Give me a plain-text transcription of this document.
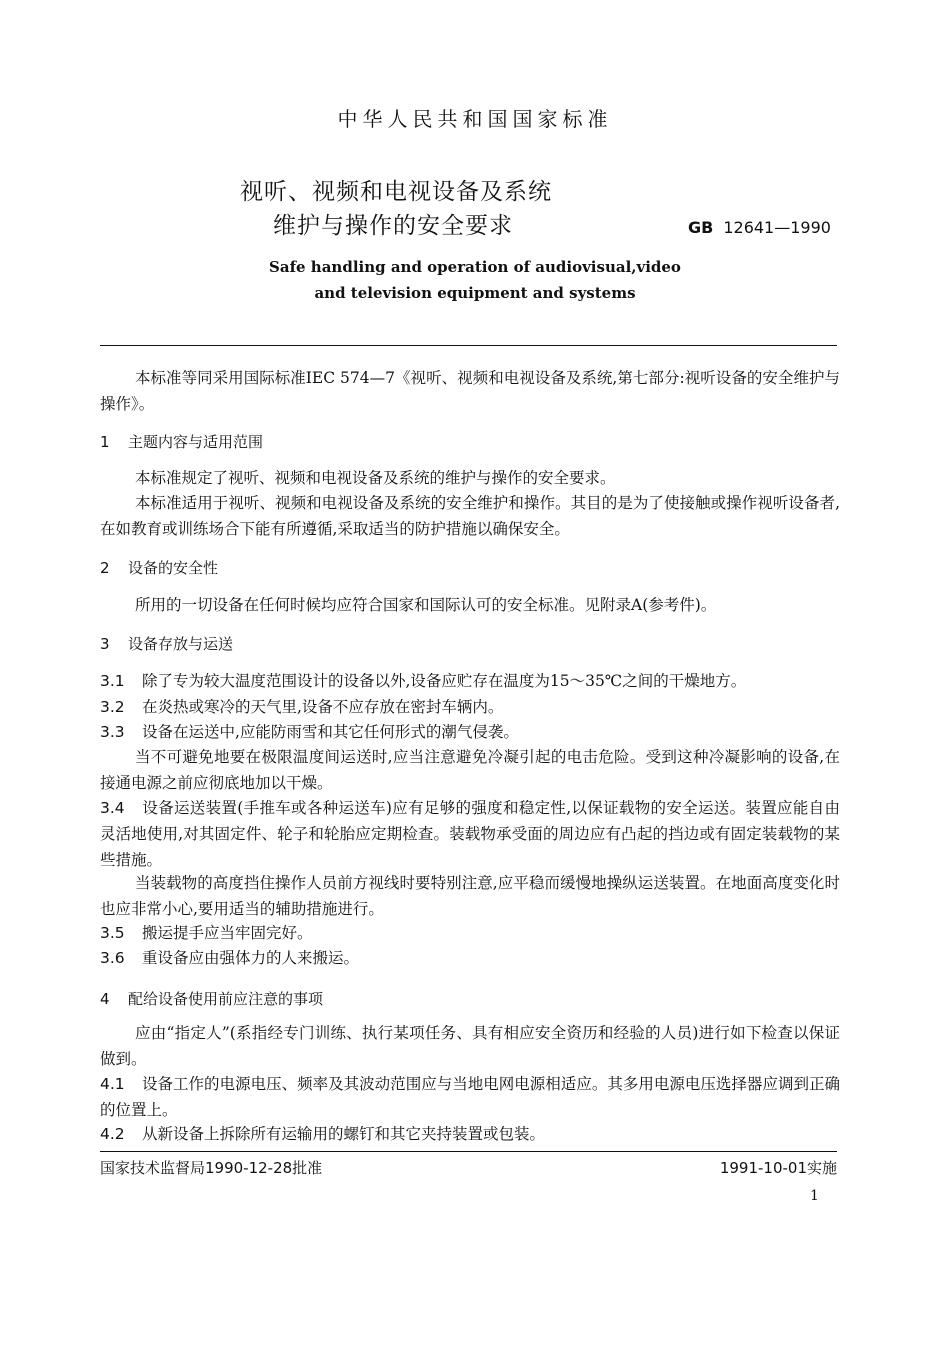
中华人民共和国国家标准
视听、视频和电视设备及系统
维护与操作的安全要求	GB 12641—1990
Safe handling and operation of audiovisual,video
and television equipment and systems
本标准等同采用国际标准IEC 574—7《视听、视频和电视设备及系统,第七部分:视听设备的安全维护与操作》。
1 主题内容与适用范围
本标准规定了视听、视频和电视设备及系统的维护与操作的安全要求。
本标准适用于视听、视频和电视设备及系统的安全维护和操作。其目的是为了使接触或操作视听设备者,在如教育或训练场合下能有所遵循,采取适当的防护措施以确保安全。
2 设备的安全性
所用的一切设备在任何时候均应符合国家和国际认可的安全标准。见附录A(参考件)。
3 设备存放与运送
3.1 除了专为较大温度范围设计的设备以外,设备应贮存在温度为15～35℃之间的干燥地方。
3.2 在炎热或寒冷的天气里,设备不应存放在密封车辆内。
3.3 设备在运送中,应能防雨雪和其它任何形式的潮气侵袭。
当不可避免地要在极限温度间运送时,应当注意避免冷凝引起的电击危险。受到这种冷凝影响的设备,在接通电源之前应彻底地加以干燥。
3.4 设备运送装置(手推车或各种运送车)应有足够的强度和稳定性,以保证载物的安全运送。装置应能自由灵活地使用,对其固定件、轮子和轮胎应定期检查。装载物承受面的周边应有凸起的挡边或有固定装载物的某些措施。
当装载物的高度挡住操作人员前方视线时要特别注意,应平稳而缓慢地操纵运送装置。在地面高度变化时也应非常小心,要用适当的辅助措施进行。
3.5 搬运提手应当牢固完好。
3.6 重设备应由强体力的人来搬运。
4 配给设备使用前应注意的事项
应由“指定人”(系指经专门训练、执行某项任务、具有相应安全资历和经验的人员)进行如下检查以保证做到。
4.1 设备工作的电源电压、频率及其波动范围应与当地电网电源相适应。其多用电源电压选择器应调到正确的位置上。
4.2 从新设备上拆除所有运输用的螺钉和其它夹持装置或包装。
国家技术监督局1990-12-28批准	1991-10-01实施
1
